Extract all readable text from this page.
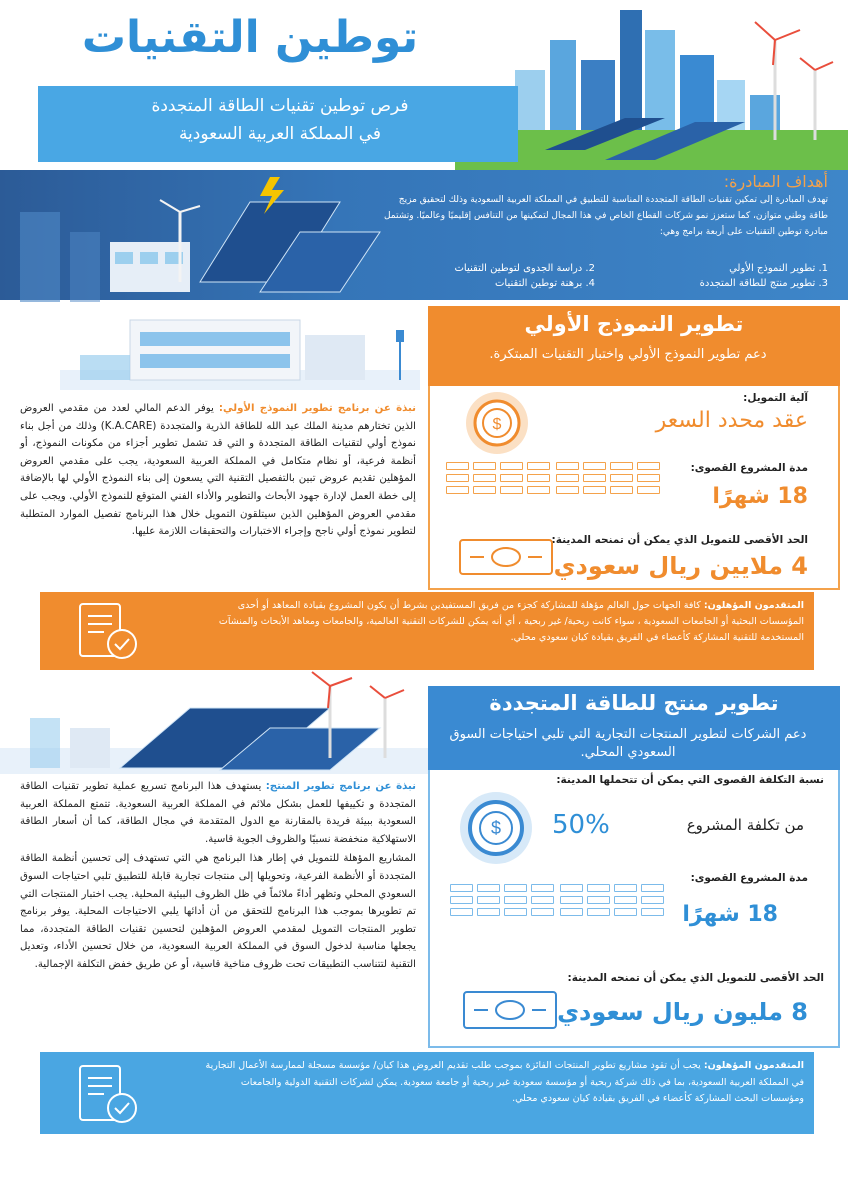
توطين التقنيات
فرص توطين تقنيات الطاقة المتجددة
في المملكة العربية السعودية
أهداف المبادرة:
تهدف المبادرة إلى تمكين تقنيات الطاقة المتجددة المناسبة للتطبيق في المملكة العربية السعودية وذلك لتحقيق مزيج طاقة وطني متوازن، كما ستعزز نمو شركات القطاع الخاص في هذا المجال لتمكينها من التنافس إقليميًا وعالميًا. وتشتمل مبادرة توطين التقنيات على أربعة برامج وهي:
1. تطوير النموذج الأولي
2. دراسة الجدوى لتوطين التقنيات
3. تطوير منتج للطاقة المتجددة
4. برهنة توطين التقنيات
تطوير النموذج الأولي
دعم تطوير النموذج الأولي واختبار التقنيات المبتكرة.
نبذة عن برنامج تطوير النموذج الأولي: يوفر الدعم المالي لعدد من مقدمي العروض الذين تختارهم مدينة الملك عبد الله للطاقة الذرية والمتجددة (K.A.CARE) وذلك من أجل بناء نموذج أولي لتقنيات الطاقة المتجددة و التي قد تشمل تطوير أجزاء من مكونات النموذج، أو أنظمة فرعية، أو نظام متكامل في المملكة العربية السعودية، يجب على مقدمي العروض المؤهلين تقديم عروض تبين بالتفصيل التقنية التي يسعون إلى بناء النموذج الأولي لها بالإضافة إلى خطة العمل لإدارة جهود الأبحاث والتطوير والأداء الفني المتوقع للنموذج الأولي. ويجب على مقدمي العروض المؤهلين الذين سيتلقون التمويل خلال هذا البرنامج تفصيل الموارد المتطلبة لتطوير نموذج أولي ناجح وإجراء الاختبارات والتحقيقات اللازمة عليها.
آلية التمويل:
$	عقد محدد السعر
مدة المشروع القصوى:
18 شهرًا
الحد الأقصى للتمويل الذي يمكن أن تمنحه المدينة:
4 ملايين ريال سعودي
المتقدمون المؤهلون: كافة الجهات حول العالم مؤهلة للمشاركة كجزء من فريق المستفيدين بشرط أن يكون المشروع بقيادة المعاهد أو أحدى المؤسسات البحثية أو الجامعات السعودية ، سواء كانت ربحية/ غير ربحية ، أي أنه يمكن للشركات التقنية العالمية، والجامعات ومعاهد الأبحاث والمنشآت المستخدمة للتقنية المشاركة كأعضاء في الفريق بقيادة كيان سعودي محلي.
تطوير منتج للطاقة المتجددة
دعم الشركات لتطوير المنتجات التجارية التي تلبي احتياجات السوق السعودي المحلي.
نبذة عن برنامج تطوير المنتج: يستهدف هذا البرنامج تسريع عملية تطوير تقنيات الطاقة المتجددة و تكييفها للعمل بشكل ملائم في المملكة العربية السعودية. تتمتع المملكة العربية السعودية ببيئة فريدة بالمقارنة مع الدول المتقدمة في مجال الطاقة، كما أن أسعار الطاقة الاستهلاكية منخفضة نسبيًا والظروف الجوية قاسية.
المشاريع المؤهلة للتمويل في إطار هذا البرنامج هي التي تستهدف إلى تحسين أنظمة الطاقة المتجددة أو الأنظمة الفرعية، وتحويلها إلى منتجات تجارية قابلة للتطبيق تلبي احتياجات السوق السعودي المحلي وتظهر أداءً ملائماً في ظل الظروف البيئية المحلية. يجب اختبار المنتجات التي تم تطويرها بموجب هذا البرنامج للتحقق من أن أدائها يلبي الاحتياجات المحلية. يوفر برنامج تطوير المنتجات التمويل لمقدمي العروض المؤهلين لتحسين تقنيات الطاقة المتجددة، مما يجعلها مناسبة لدخول السوق في المملكة العربية السعودية، من خلال تحسين الأداء، وتعديل التقنية لتتناسب التطبيقات تحت ظروف مناخية قاسية، أو عن طريق خفض التكلفة الإجمالية.
نسبة التكلفة القصوى التي يمكن أن تتحملها المدينة:
$ 50%	من تكلفة المشروع
مدة المشروع القصوى:
18 شهرًا
الحد الأقصى للتمويل الذي يمكن أن تمنحه المدينة:
8 مليون ريال سعودي
المتقدمون المؤهلون: يجب أن تقود مشاريع تطوير المنتجات الفائزة بموجب طلب تقديم العروض هذا كيان/ مؤسسة مسجلة لممارسة الأعمال التجارية في المملكة العربية السعودية، بما في ذلك شركة ربحية أو مؤسسة سعودية غير ربحية أو جامعة سعودية. يمكن لشركات التقنية الدولية والجامعات ومؤسسات البحث المشاركة كأعضاء في الفريق بقيادة كيان سعودي محلي.
